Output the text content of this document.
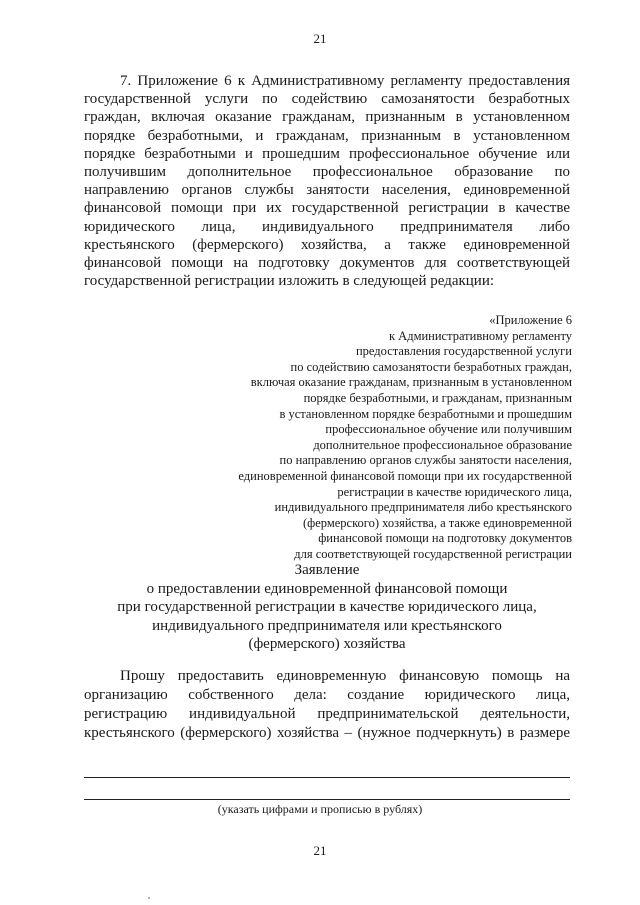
21
7. Приложение 6 к Административному регламенту предоставления
государственной услуги по содействию самозанятости безработных
граждан, включая оказание гражданам, признанным в установленном
порядке безработными, и гражданам, признанным в установленном
порядке безработными и прошедшим профессиональное обучение или
получившим дополнительное профессиональное образование по
направлению органов службы занятости населения, единовременной
финансовой помощи при их государственной регистрации в качестве
юридического лица, индивидуального предпринимателя либо
крестьянского (фермерского) хозяйства, а также единовременной
финансовой помощи на подготовку документов для соответствующей
государственной регистрации изложить в следующей редакции:
«Приложение 6
к Административному регламенту
предоставления государственной услуги
по содействию самозанятости безработных граждан,
включая оказание гражданам, признанным в установленном
порядке безработными, и гражданам, признанным
в установленном порядке безработными и прошедшим
профессиональное обучение или получившим
дополнительное профессиональное образование
по направлению органов службы занятости населения,
единовременной финансовой помощи при их государственной
регистрации в качестве юридического лица,
индивидуального предпринимателя либо крестьянского
(фермерского) хозяйства, а также единовременной
финансовой помощи на подготовку документов
для соответствующей государственной регистрации
Заявление
о предоставлении единовременной финансовой помощи
при государственной регистрации в качестве юридического лица,
индивидуального предпринимателя или крестьянского
(фермерского) хозяйства
Прошу предоставить единовременную финансовую помощь на
организацию собственного дела: создание юридического лица,
регистрацию индивидуальной предпринимательской деятельности,
крестьянского (фермерского) хозяйства – (нужное подчеркнуть) в размере
(указать цифрами и прописью в рублях)
21
